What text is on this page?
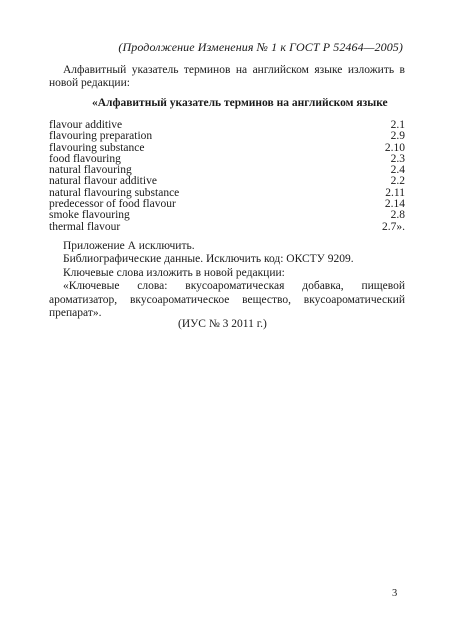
(Продолжение Изменения № 1 к ГОСТ Р 52464—2005)
Алфавитный указатель терминов на английском языке изложить в новой редакции:
«Алфавитный указатель терминов на английском языке
flavour additive	2.1
flavouring preparation	2.9
flavouring substance	2.10
food flavouring	2.3
natural flavouring	2.4
natural flavour additive	2.2
natural flavouring substance	2.11
predecessor of food flavour	2.14
smoke flavouring	2.8
thermal flavour	2.7».

Приложение А исключить.

Библиографические данные. Исключить код: ОКСТУ 9209.

Ключевые слова изложить в новой редакции:

«Ключевые слова: вкусоароматическая добавка, пищевой ароматизатор, вкусоароматическое вещество, вкусоароматический препарат».

(ИУС № 3 2011 г.)
3
